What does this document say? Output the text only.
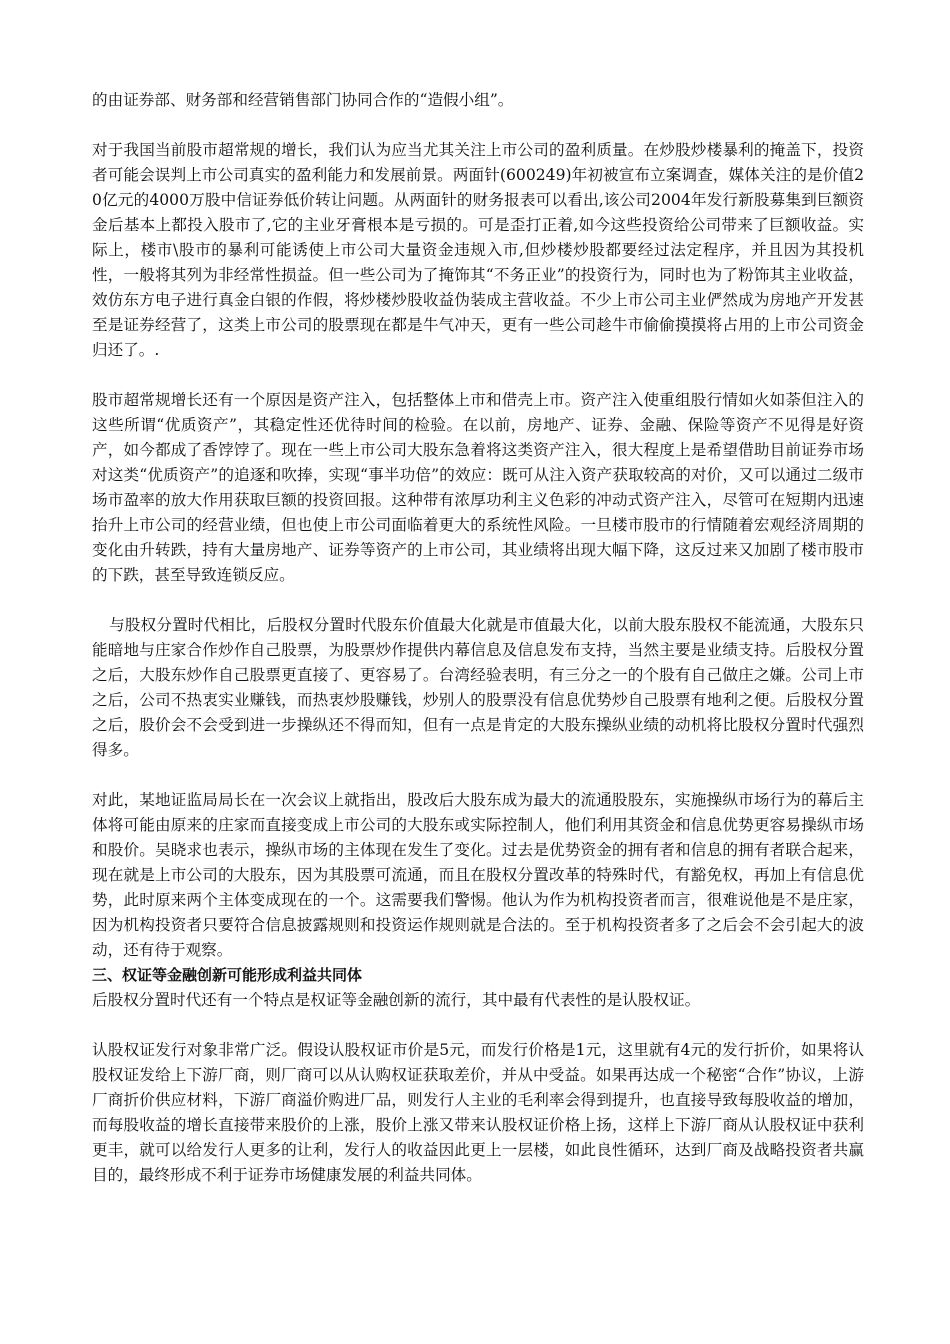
的由证券部、财务部和经营销售部门协同合作的“造假小组”。

对于我国当前股市超常规的增长，我们认为应当尤其关注上市公司的盈利质量。在炒股炒楼暴利的掩盖下，投资者可能会误判上市公司真实的盈利能力和发展前景。两面针(600249)年初被宣布立案调查，媒体关注的是价值20亿元的4000万股中信证券低价转让问题。从两面针的财务报表可以看出,该公司2004年发行新股募集到巨额资金后基本上都投入股市了,它的主业牙膏根本是亏损的。可是歪打正着,如今这些投资给公司带来了巨额收益。实际上，楼市\股市的暴利可能诱使上市公司大量资金违规入市,但炒楼炒股都要经过法定程序，并且因为其投机性，一般将其列为非经常性损益。但一些公司为了掩饰其“不务正业”的投资行为，同时也为了粉饰其主业收益，效仿东方电子进行真金白银的作假，将炒楼炒股收益伪装成主营收益。不少上市公司主业俨然成为房地产开发甚至是证券经营了，这类上市公司的股票现在都是牛气冲天，更有一些公司趁牛市偷偷摸摸将占用的上市公司资金归还了。.

股市超常规增长还有一个原因是资产注入，包括整体上市和借壳上市。资产注入使重组股行情如火如荼但注入的这些所谓“优质资产”，其稳定性还优待时间的检验。在以前，房地产、证券、金融、保险等资产不见得是好资产，如今都成了香饽饽了。现在一些上市公司大股东急着将这类资产注入，很大程度上是希望借助目前证券市场对这类“优质资产”的追逐和吹捧，实现“事半功倍”的效应：既可从注入资产获取较高的对价，又可以通过二级市场市盈率的放大作用获取巨额的投资回报。这种带有浓厚功利主义色彩的冲动式资产注入，尽管可在短期内迅速抬升上市公司的经营业绩，但也使上市公司面临着更大的系统性风险。一旦楼市股市的行情随着宏观经济周期的变化由升转跌，持有大量房地产、证券等资产的上市公司，其业绩将出现大幅下降，这反过来又加剧了楼市股市的下跌，甚至导致连锁反应。

与股权分置时代相比，后股权分置时代股东价值最大化就是市值最大化，以前大股东股权不能流通，大股东只能暗地与庄家合作炒作自己股票，为股票炒作提供内幕信息及信息发布支持，当然主要是业绩支持。后股权分置之后，大股东炒作自己股票更直接了、更容易了。台湾经验表明，有三分之一的个股有自己做庄之嫌。公司上市之后，公司不热衷实业赚钱，而热衷炒股赚钱，炒别人的股票没有信息优势炒自己股票有地利之便。后股权分置之后，股价会不会受到进一步操纵还不得而知，但有一点是肯定的大股东操纵业绩的动机将比股权分置时代强烈得多。

对此，某地证监局局长在一次会议上就指出，股改后大股东成为最大的流通股股东，实施操纵市场行为的幕后主体将可能由原来的庄家而直接变成上市公司的大股东或实际控制人，他们利用其资金和信息优势更容易操纵市场和股价。吴晓求也表示，操纵市场的主体现在发生了变化。过去是优势资金的拥有者和信息的拥有者联合起来，现在就是上市公司的大股东，因为其股票可流通，而且在股权分置改革的特殊时代，有豁免权，再加上有信息优势，此时原来两个主体变成现在的一个。这需要我们警惕。他认为作为机构投资者而言，很难说他是不是庄家，因为机构投资者只要符合信息披露规则和投资运作规则就是合法的。至于机构投资者多了之后会不会引起大的波动，还有待于观察。

三、权证等金融创新可能形成利益共同体

后股权分置时代还有一个特点是权证等金融创新的流行，其中最有代表性的是认股权证。

认股权证发行对象非常广泛。假设认股权证市价是5元，而发行价格是1元，这里就有4元的发行折价，如果将认股权证发给上下游厂商，则厂商可以从认购权证获取差价，并从中受益。如果再达成一个秘密“合作”协议，上游厂商折价供应材料，下游厂商溢价购进厂品，则发行人主业的毛利率会得到提升，也直接导致每股收益的增加，而每股收益的增长直接带来股价的上涨，股价上涨又带来认股权证价格上扬，这样上下游厂商从认股权证中获利更丰，就可以给发行人更多的让利，发行人的收益因此更上一层楼，如此良性循环，达到厂商及战略投资者共赢目的，最终形成不利于证券市场健康发展的利益共同体。
